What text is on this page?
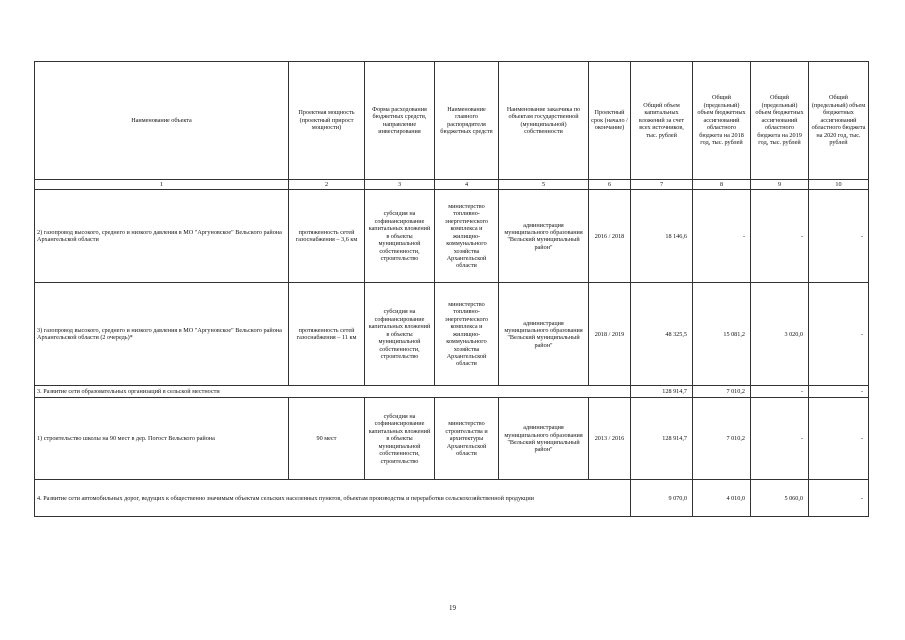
Наименование объекта	Проектная мощность (проектный прирост мощности)	Форма расходования бюджетных средств, направление инвестирования	Наименование главного распорядителя бюджетных средств	Наименование заказчика по объектам государственной (муниципальной) собственности	Проектный срок (начало / окончание)	Общий объем капитальных вложений за счет всех источников, тыс. рублей	Общий (предельный) объем бюджетных ассигнований областного бюджета на 2018 год, тыс. рублей	Общий (предельный) объем бюджетных ассигнований областного бюджета на 2019 год, тыс. рублей	Общий (предельный) объем бюджетных ассигнований областного бюджета на 2020 год, тыс. рублей
1	2	3	4	5	6	7	8	9	10
2) газопровод высокого, среднего и низкого давления в МО "Аргуновское" Вельского района Архангельской области	протяженность сетей газоснабжения – 3,6 км	субсидия на софинансирование капитальных вложений в объекты муниципальной собственности, строительство	министерство топливно-энергетического комплекса и жилищно-коммунального хозяйства Архангельской области	администрация муниципального образования "Вельский муниципальный район"	2016 / 2018	18 146,6	-	-	-
3) газопровод высокого, среднего и низкого давления в МО "Аргуновское" Вельского района Архангельской области (2 очередь)*	протяженность сетей газоснабжения – 11 км	субсидия на софинансирование капитальных вложений в объекты муниципальной собственности, строительство	министерство топливно-энергетического комплекса и жилищно-коммунального хозяйства Архангельской области	администрация муниципального образования "Вельский муниципальный район"	2018 / 2019	48 325,5	15 081,2	3 020,0	-
3. Развитие сети образовательных организаций в сельской местности						128 914,7	7 010,2	-	-
1) строительство школы на 90 мест в дер. Погост Вельского района	90 мест	субсидия на софинансирование капитальных вложений в объекты муниципальной собственности, строительство	министерство строительства и архитектуры Архангельской области	администрация муниципального образования "Вельский муниципальный район"	2013 / 2016	128 914,7	7 010,2	-	-
4. Развитие сети автомобильных дорог, ведущих к общественно значимым объектам сельских населенных пунктов, объектам производства и переработки сельскохозяйственной продукции						9 070,0	4 010,0	5 060,0	-
19
